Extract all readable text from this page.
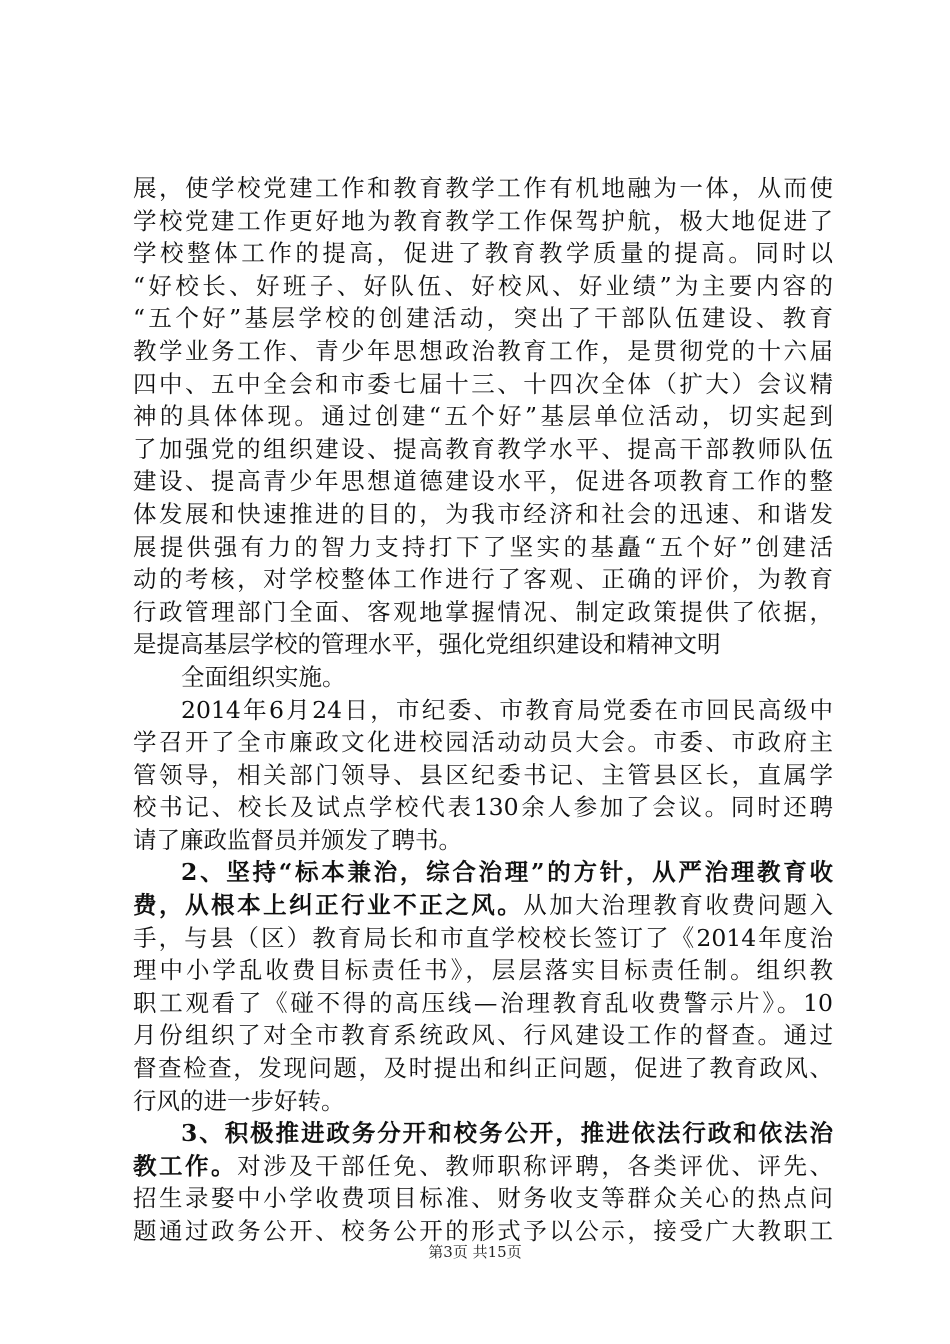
展，使学校党建工作和教育教学工作有机地融为一体，从而使
学校党建工作更好地为教育教学工作保驾护航，极大地促进了
学校整体工作的提高，促进了教育教学质量的提高。同时以
“好校长、好班子、好队伍、好校风、好业绩”为主要内容的
“五个好”基层学校的创建活动，突出了干部队伍建设、教育
教学业务工作、青少年思想政治教育工作，是贯彻党的十六届
四中、五中全会和市委七届十三、十四次全体（扩大）会议精
神的具体体现。通过创建“五个好”基层单位活动，切实起到
了加强党的组织建设、提高教育教学水平、提高干部教师队伍
建设、提高青少年思想道德建设水平，促进各项教育工作的整
体发展和快速推进的目的，为我市经济和社会的迅速、和谐发
展提供强有力的智力支持打下了坚实的基矗“五个好”创建活
动的考核，对学校整体工作进行了客观、正确的评价，为教育
行政管理部门全面、客观地掌握情况、制定政策提供了依据，
是提高基层学校的管理水平，强化党组织建设和精神文明
全面组织实施。
2014年6月24日，市纪委、市教育局党委在市回民高级中
学召开了全市廉政文化进校园活动动员大会。市委、市政府主
管领导，相关部门领导、县区纪委书记、主管县区长，直属学
校书记、校长及试点学校代表130余人参加了会议。同时还聘
请了廉政监督员并颁发了聘书。
2、坚持“标本兼治，综合治理”的方针，从严治理教育收
费，从根本上纠正行业不正之风。从加大治理教育收费问题入
手，与县（区）教育局长和市直学校校长签订了《2014年度治
理中小学乱收费目标责任书》，层层落实目标责任制。组织教
职工观看了《碰不得的高压线—治理教育乱收费警示片》。10
月份组织了对全市教育系统政风、行风建设工作的督查。通过
督查检查，发现问题，及时提出和纠正问题，促进了教育政风、
行风的进一步好转。
3、积极推进政务分开和校务公开，推进依法行政和依法治
教工作。对涉及干部任免、教师职称评聘，各类评优、评先、
招生录娶中小学收费项目标准、财务收支等群众关心的热点问
题通过政务公开、校务公开的形式予以公示，接受广大教职工
第3页 共15页
